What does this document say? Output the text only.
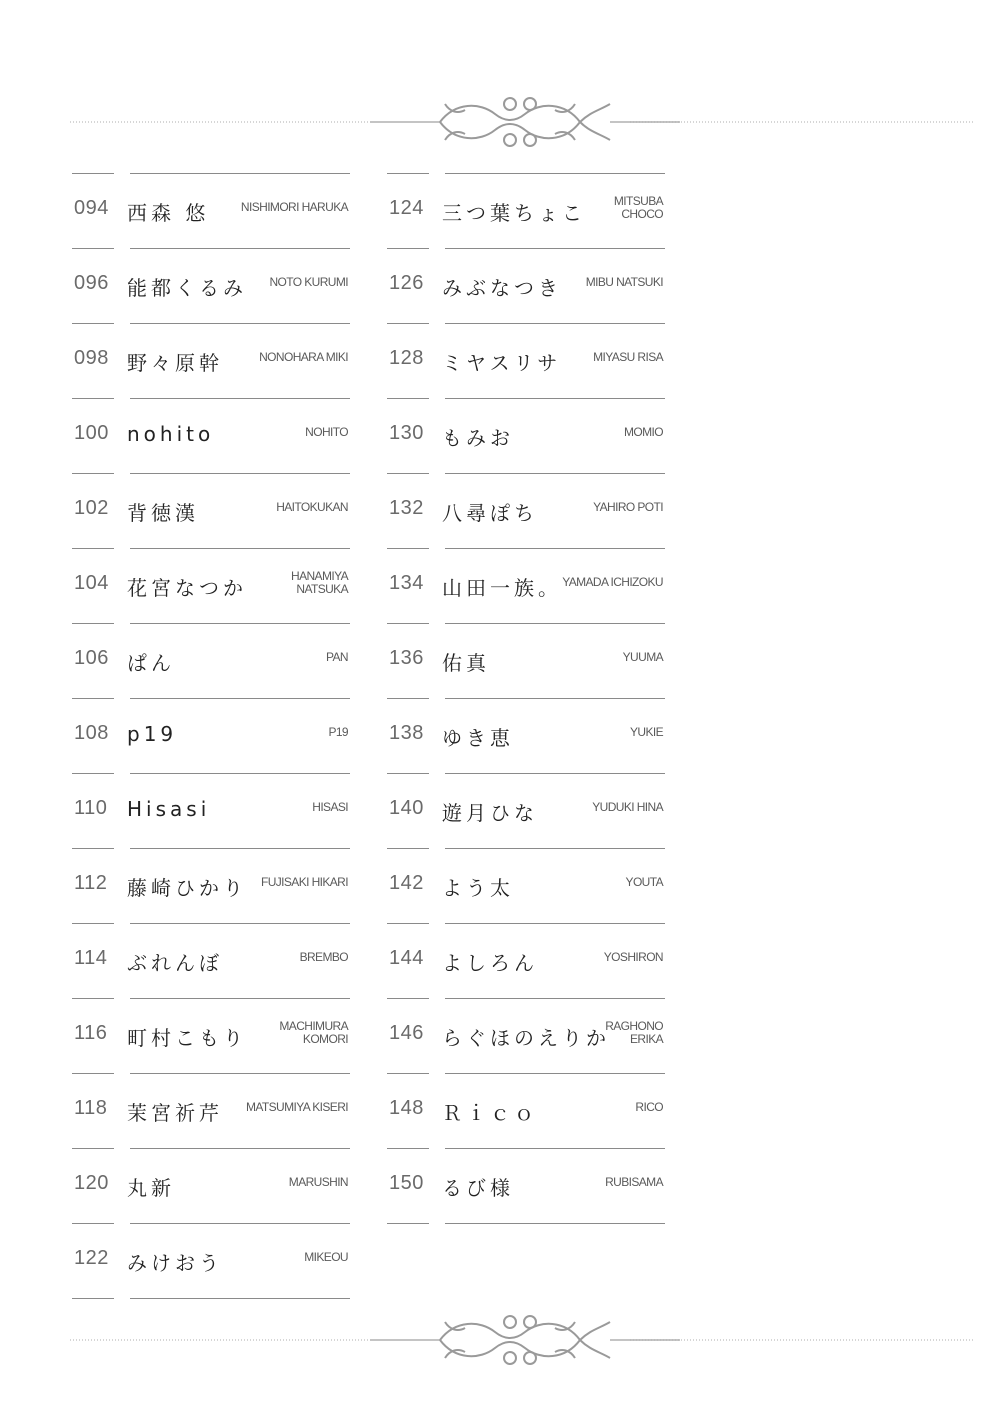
094 西森 悠	NISHIMORI HARUKA
096 能都くるみ NOTO KURUMI
098 野々原幹	NONOHARA MIKI
100 nohito	NOHITO
102 背徳漢	HAITOKUKAN
104 花宮なつか	HANAMIYA
NATSUKA
106 ぱん	PAN
108 p19	P19
110 Hisasi	HISASI
112 藤崎ひかり FUJISAKI HIKARI
114 ぶれんぼ	BREMBO
116 町村こもり	MACHIMURA
KOMORI
118 茉宮祈芹 MATSUMIYA KISERI
120 丸新	MARUSHIN
122 みけおう	MIKEOU
124 三つ葉ちょこ MITSUBA
CHOCO
126 みぶなつき MIBU NATSUKI
128 ミヤスリサ	MIYASU RISA
130 もみお	MOMIO
132 八尋ぽち	YAHIRO POTI
134 山田一族。 YAMADA ICHIZOKU
136 佑真	YUUMA
138 ゆき恵	YUKIE
140 遊月ひな	YUDUKI HINA
142 よう太	YOUTA
144 よしろん	YOSHIRON
146 らぐほのえりか
RAGHONO
ERIKA
148 Ｒｉｃｏ	RICO
150 るび様	RUBISAMA
